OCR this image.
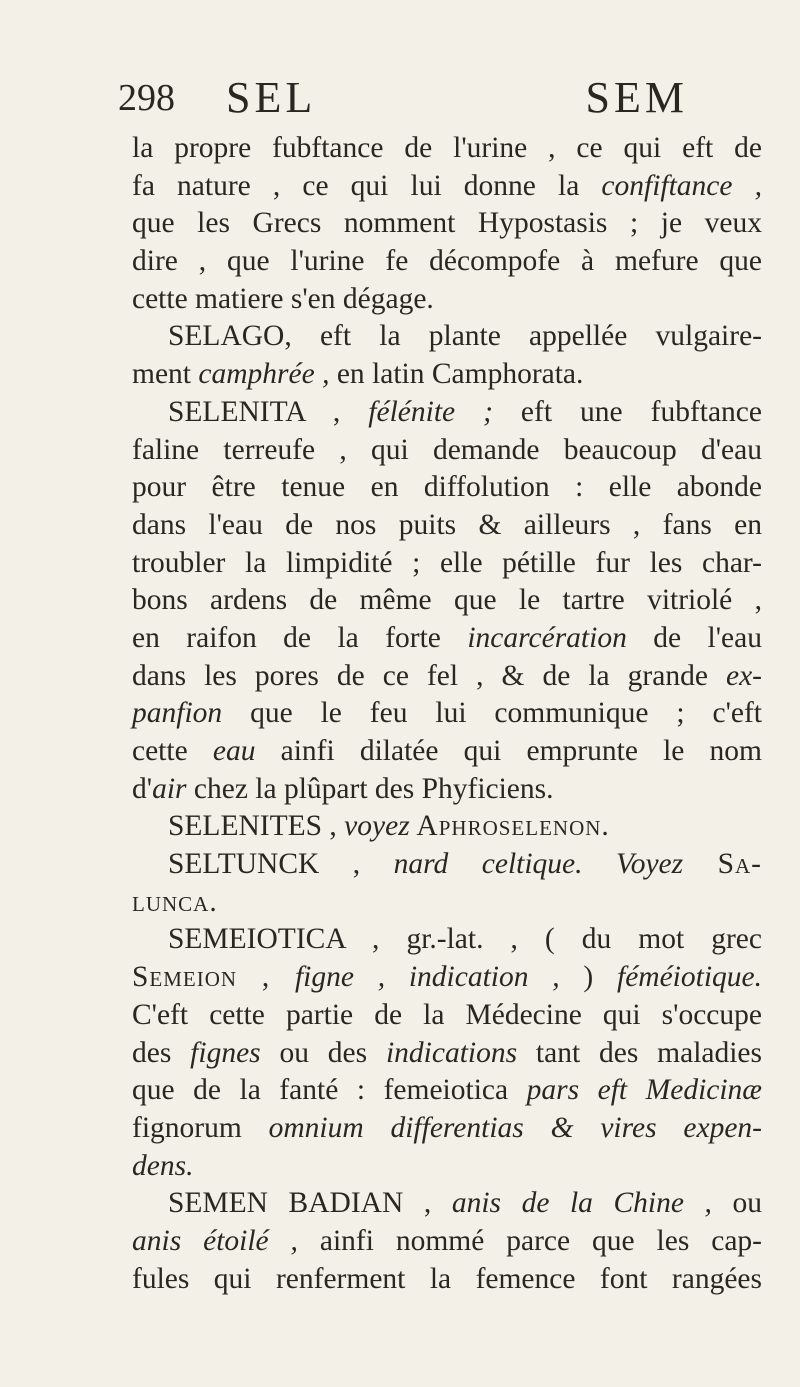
298 SEL	SEM
la propre fubftance de l'urine , ce qui eft de
fa nature , ce qui lui donne la confiftance ,
que les Grecs nomment Hypostasis ; je veux
dire , que l'urine fe décompofe à mefure que
cette matiere s'en dégage.
SELAGO, eft la plante appellée vulgaire-
ment camphrée , en latin Camphorata.
SELENITA , félénite ; eft une fubftance
faline terreufe , qui demande beaucoup d'eau
pour être tenue en diffolution : elle abonde
dans l'eau de nos puits & ailleurs , fans en
troubler la limpidité ; elle pétille fur les char-
bons ardens de même que le tartre vitriolé ,
en raifon de la forte incarcération de l'eau
dans les pores de ce fel , & de la grande ex-
panfion que le feu lui communique ; c'eft
cette eau ainfi dilatée qui emprunte le nom
d'air chez la plûpart des Phyficiens.
SELENITES , voyez Aphroselenon.
SELTUNCK , nard celtique. Voyez Sa-
lunca.
SEMEIOTICA , gr.-lat. , ( du mot grec
Semeion , figne , indication , ) féméiotique.
C'eft cette partie de la Médecine qui s'occupe
des fignes ou des indications tant des maladies
que de la fanté : femeiotica pars eft Medicinæ
fignorum omnium differentias & vires expen-
dens.
SEMEN BADIAN , anis de la Chine , ou
anis étoilé , ainfi nommé parce que les cap-
fules qui renferment la femence font rangées
